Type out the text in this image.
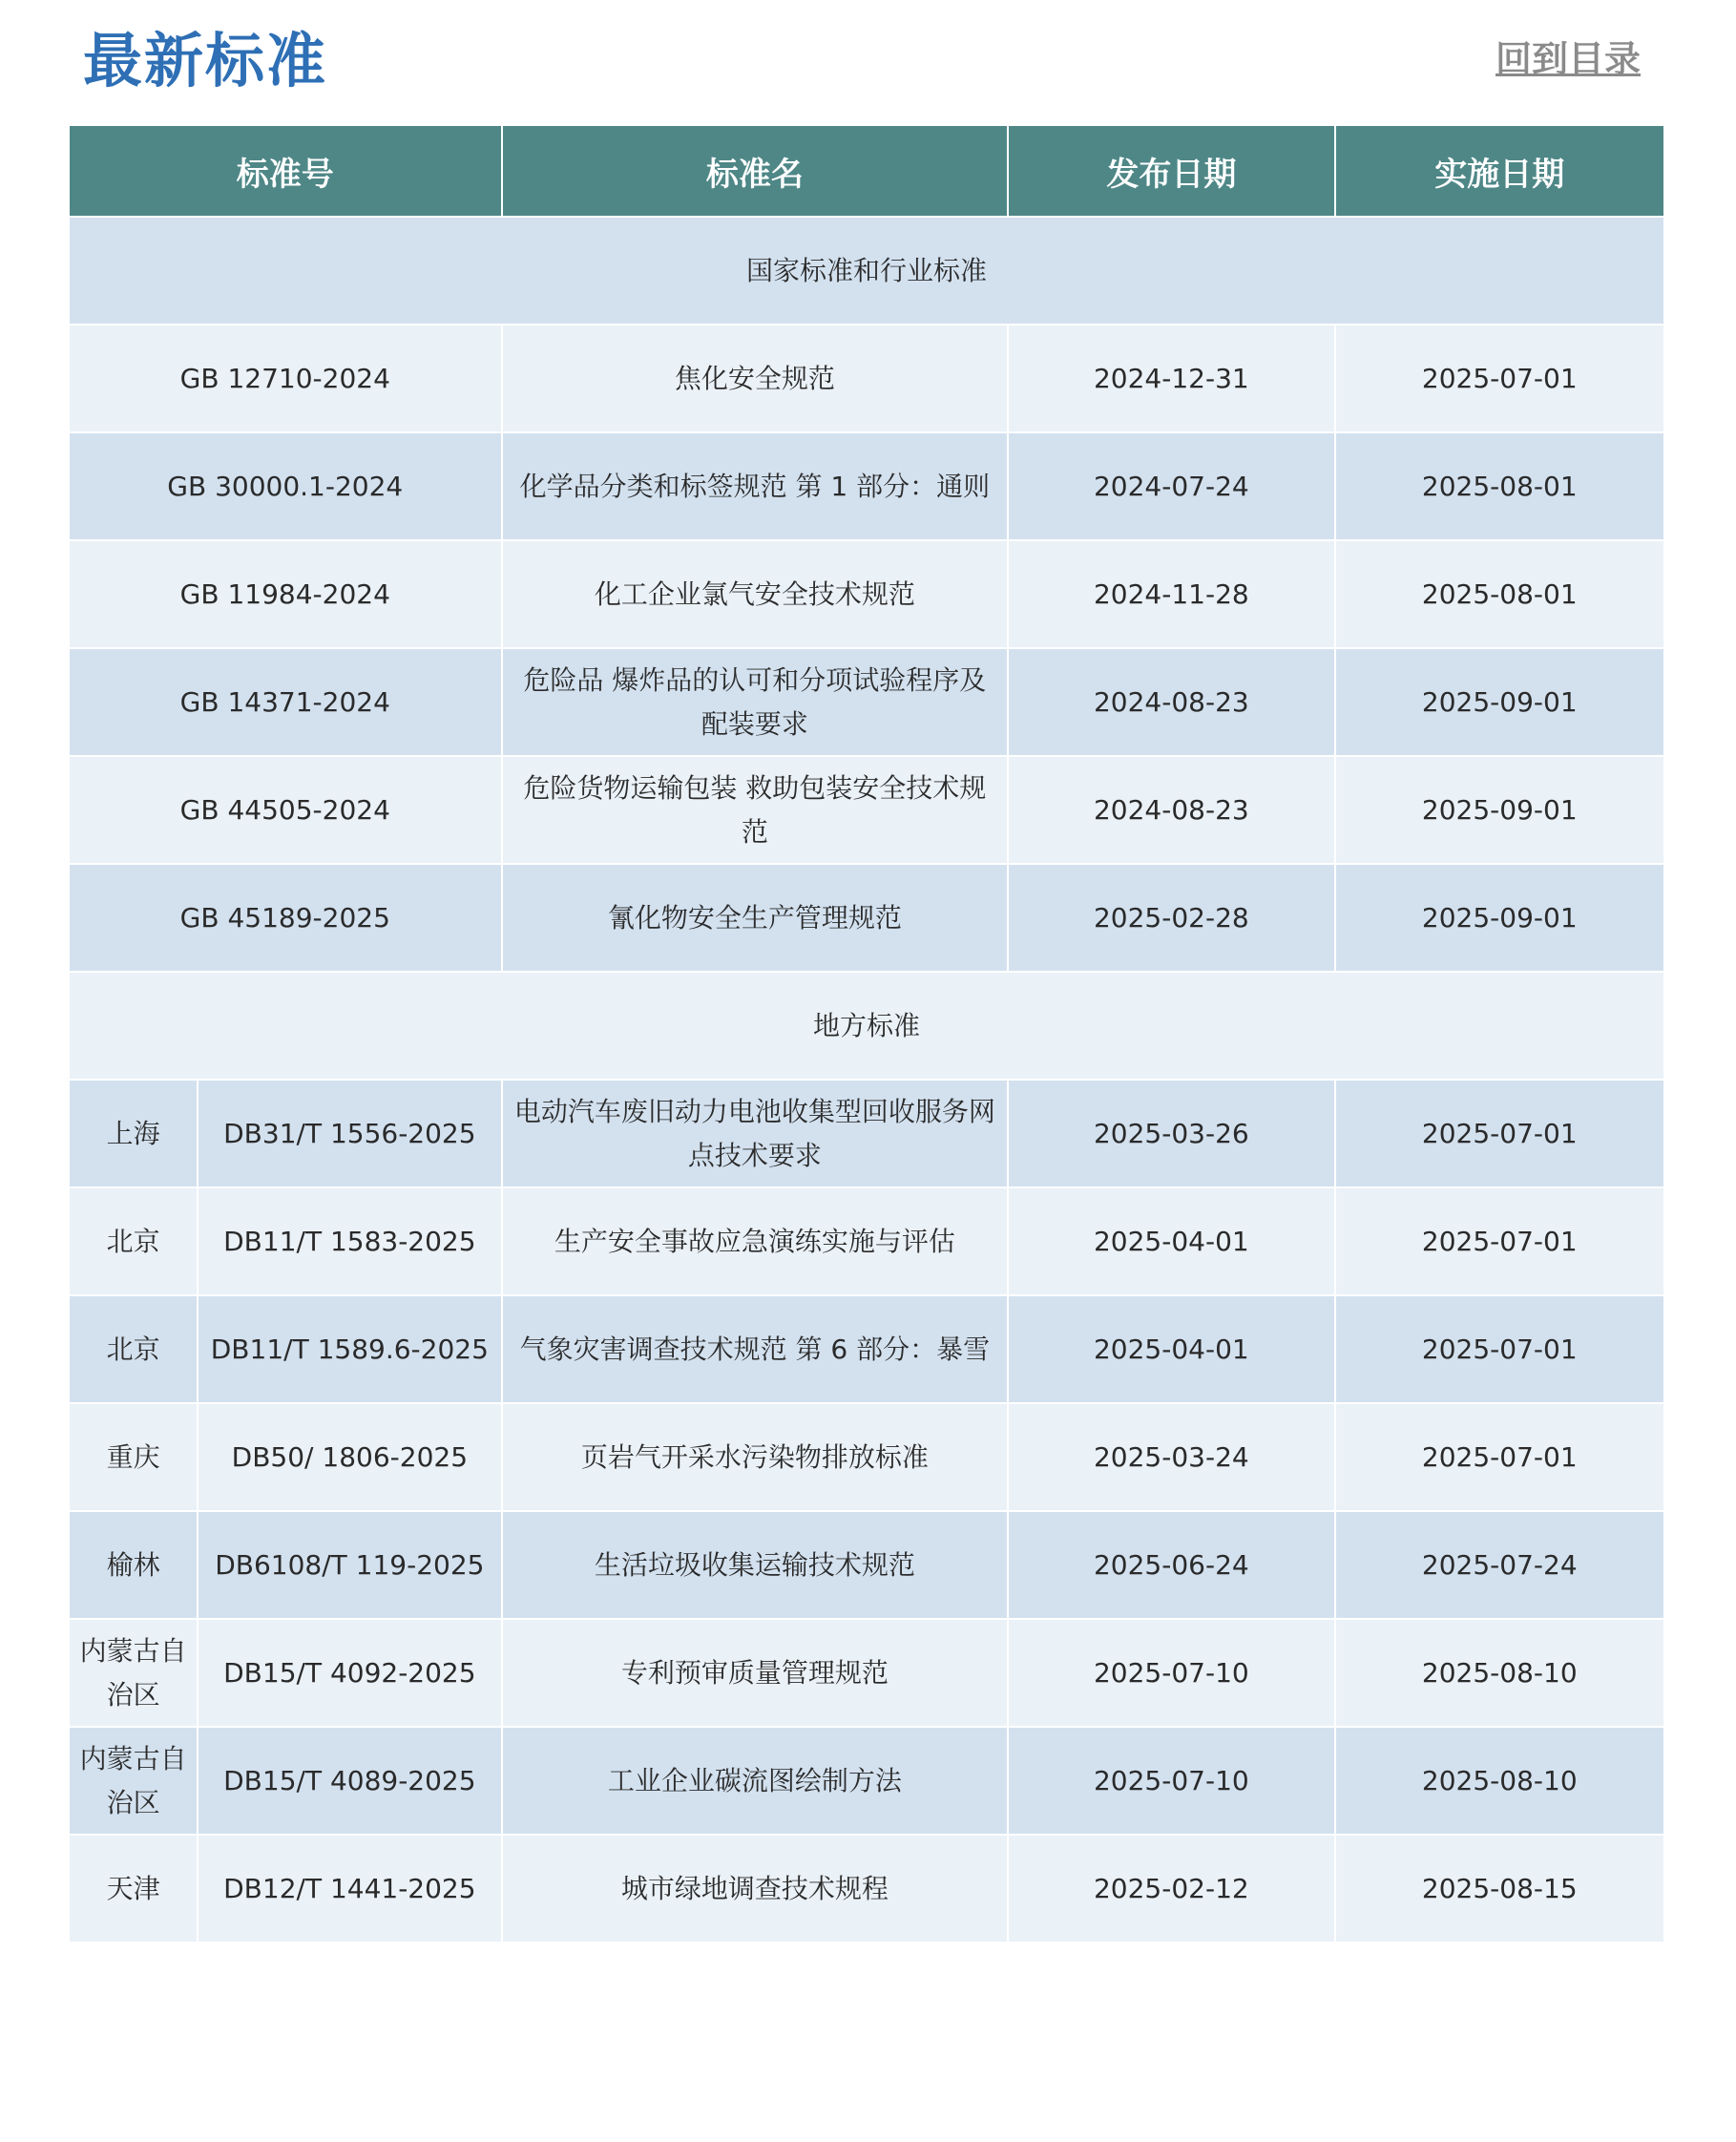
最新标准	回到目录
标准号		标准名	发布日期	实施日期
国家标准和行业标准				
GB 12710-2024		焦化安全规范	2024-12-31	2025-07-01
GB 30000.1-2024		化学品分类和标签规范 第 1 部分：通则	2024-07-24	2025-08-01
GB 11984-2024		化工企业氯气安全技术规范	2024-11-28	2025-08-01
GB 14371-2024		危险品 爆炸品的认可和分项试验程序及配装要求	2024-08-23	2025-09-01
GB 44505-2024		危险货物运输包装 救助包装安全技术规范	2024-08-23	2025-09-01
GB 45189-2025		氰化物安全生产管理规范	2025-02-28	2025-09-01
地方标准				
上海	DB31/T 1556-2025	电动汽车废旧动力电池收集型回收服务网点技术要求	2025-03-26	2025-07-01
北京	DB11/T 1583-2025	生产安全事故应急演练实施与评估	2025-04-01	2025-07-01
北京	DB11/T 1589.6-2025	气象灾害调查技术规范 第 6 部分：暴雪	2025-04-01	2025-07-01
重庆	DB50/ 1806-2025	页岩气开采水污染物排放标准	2025-03-24	2025-07-01
榆林	DB6108/T 119-2025	生活垃圾收集运输技术规范	2025-06-24	2025-07-24
内蒙古自治区	DB15/T 4092-2025	专利预审质量管理规范	2025-07-10	2025-08-10
内蒙古自治区	DB15/T 4089-2025	工业企业碳流图绘制方法	2025-07-10	2025-08-10
天津	DB12/T 1441-2025	城市绿地调查技术规程	2025-02-12	2025-08-15
